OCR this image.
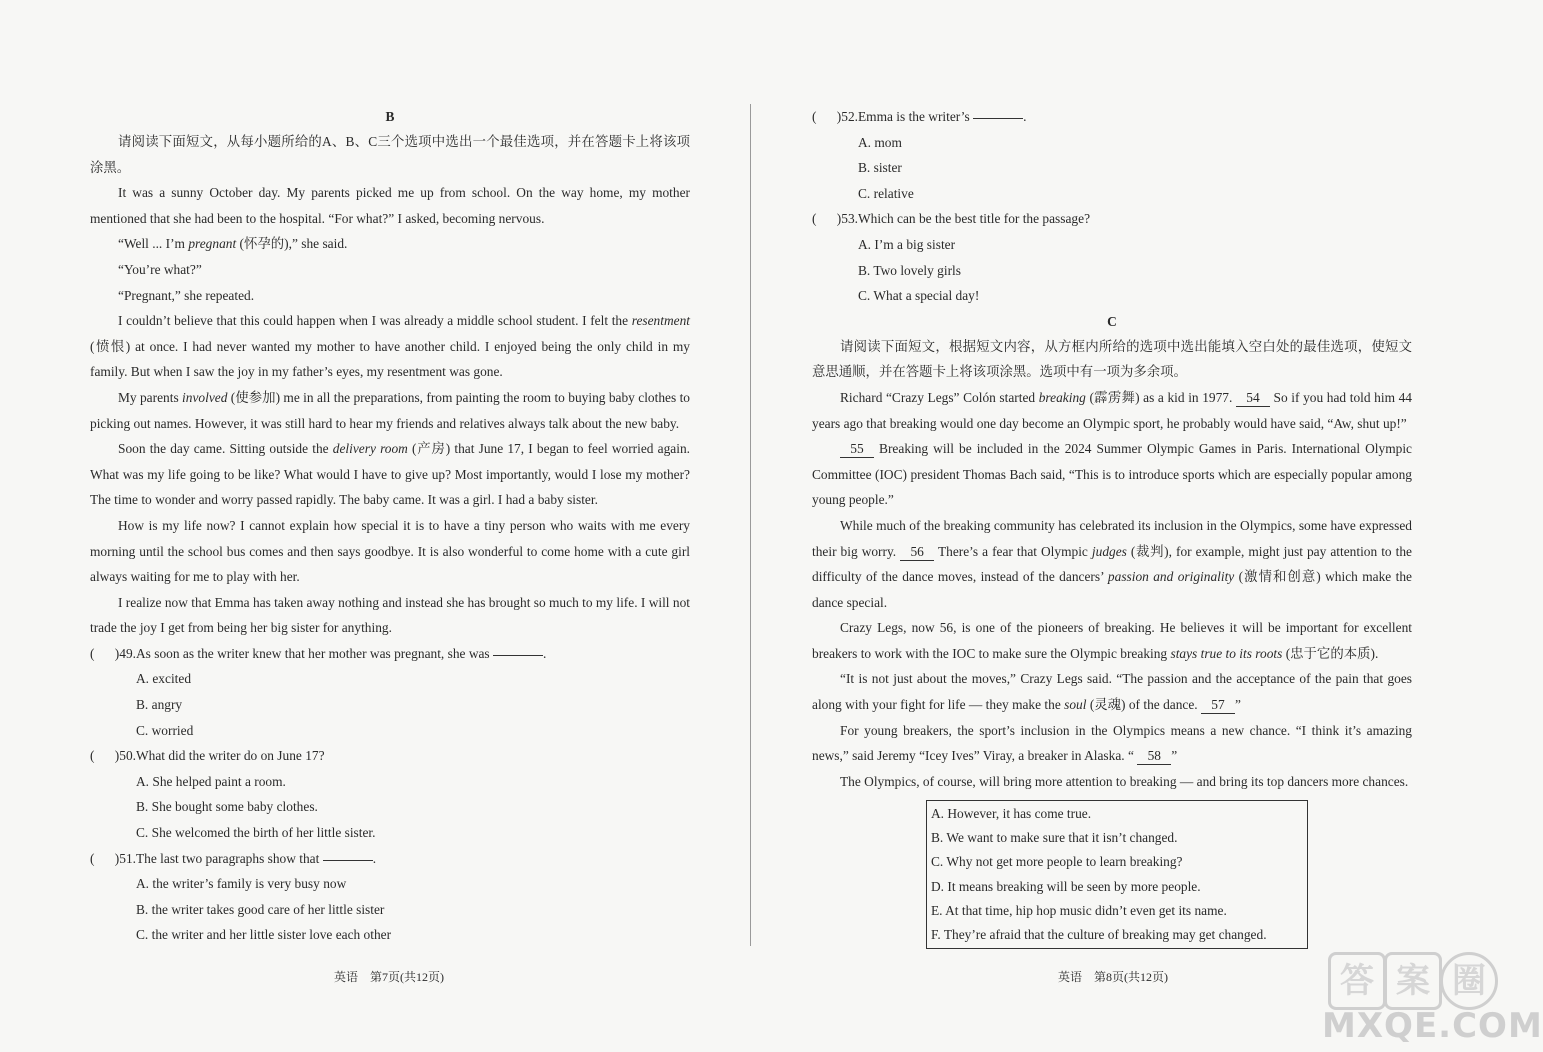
B

请阅读下面短文，从每小题所给的A、B、C三个选项中选出一个最佳选项，并在答题卡上将该项涂黑。

It was a sunny October day. My parents picked me up from school. On the way home, my mother mentioned that she had been to the hospital. “For what?” I asked, becoming nervous.

“Well ... I’m pregnant (怀孕的),” she said.

“You’re what?”

“Pregnant,” she repeated.

I couldn’t believe that this could happen when I was already a middle school student. I felt the resentment (愤恨) at once. I had never wanted my mother to have another child. I enjoyed being the only child in my family. But when I saw the joy in my father’s eyes, my resentment was gone.

My parents involved (使参加) me in all the preparations, from painting the room to buying baby clothes to picking out names. However, it was still hard to hear my friends and relatives always talk about the new baby.

Soon the day came. Sitting outside the delivery room (产房) that June 17, I began to feel worried again. What was my life going to be like? What would I have to give up? Most importantly, would I lose my mother? The time to wonder and worry passed rapidly. The baby came. It was a girl. I had a baby sister.

How is my life now? I cannot explain how special it is to have a tiny person who waits with me every morning until the school bus comes and then says goodbye. It is also wonderful to come home with a cute girl always waiting for me to play with her.

I realize now that Emma has taken away nothing and instead she has brought so much to my life. I will not trade the joy I get from being her big sister for anything.

(	)49. As soon as the writer knew that her mother was pregnant, she was	.
A. excited
B. angry
C. worried
(	)50. What did the writer do on June 17?
A. She helped paint a room.
B. She bought some baby clothes.
C. She welcomed the birth of her little sister.
(	)51. The last two paragraphs show that	.
A. the writer’s family is very busy now
B. the writer takes good care of her little sister
C. the writer and her little sister love each other
(	)52. Emma is the writer’s	.
A. mom
B. sister
C. relative
(	)53. Which can be the best title for the passage?
A. I’m a big sister
B. Two lovely girls
C. What a special day!
C

请阅读下面短文，根据短文内容，从方框内所给的选项中选出能填入空白处的最佳选项，使短文意思通顺，并在答题卡上将该项涂黑。选项中有一项为多余项。

Richard “Crazy Legs” Colón started breaking (霹雳舞) as a kid in 1977. 54 So if you had told him 44 years ago that breaking would one day become an Olympic sport, he probably would have said, “Aw, shut up!”

55 Breaking will be included in the 2024 Summer Olympic Games in Paris. International Olympic Committee (IOC) president Thomas Bach said, “This is to introduce sports which are especially popular among young people.”

While much of the breaking community has celebrated its inclusion in the Olympics, some have expressed their big worry. 56 There’s a fear that Olympic judges (裁判), for example, might just pay attention to the difficulty of the dance moves, instead of the dancers’ passion and originality (激情和创意) which make the dance special.

Crazy Legs, now 56, is one of the pioneers of breaking. He believes it will be important for excellent breakers to work with the IOC to make sure the Olympic breaking stays true to its roots (忠于它的本质).

“It is not just about the moves,” Crazy Legs said. “The passion and the acceptance of the pain that goes along with your fight for life — they make the soul (灵魂) of the dance. 57 ”

For young breakers, the sport’s inclusion in the Olympics means a new chance. “I think it’s amazing news,” said Jeremy “Icey Ives” Viray, a breaker in Alaska. “ 58 ”

The Olympics, of course, will bring more attention to breaking — and bring its top dancers more chances.

A. However, it has come true.
B. We want to make sure that it isn’t changed.
C. Why not get more people to learn breaking?
D. It means breaking will be seen by more people.
E. At that time, hip hop music didn’t even get its name.
F. They’re afraid that the culture of breaking may get changed.
英语　第7页(共12页)	英语　第8页(共12页)	答 案 圈
MXQE.COM
